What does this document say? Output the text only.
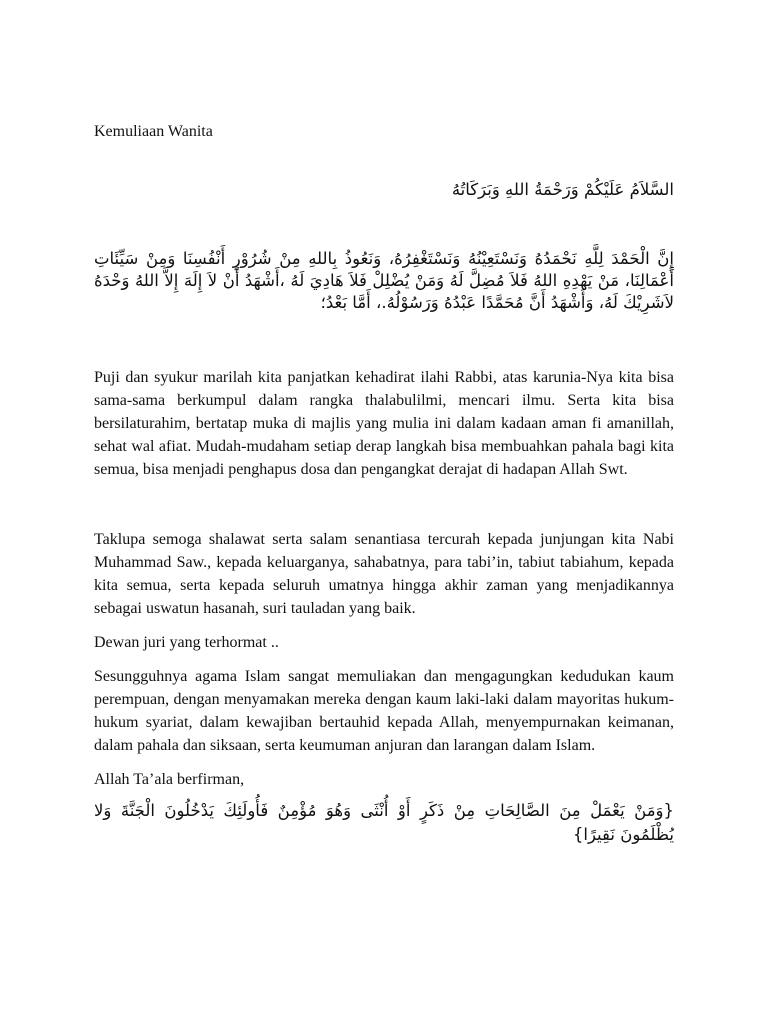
Kemuliaan Wanita

السَّلاَمُ عَلَيْكُمْ وَرَحْمَةُ اللهِ وَبَرَكَاتُهُ

إِنَّ الْحَمْدَ لِلَّهِ نَحْمَدُهُ وَنَسْتَعِيْنُهُ وَنَسْتَغْفِرُهُ، وَنَعُوذُ بِاللهِ مِنْ شُرُوْرِ أَنْفُسِنَا وَمِنْ سَيِّئَاتِ أَعْمَالِنَا، مَنْ يَهْدِهِ اللهُ فَلاَ مُضِلَّ لَهُ وَمَنْ يُضْلِلْ فَلاَ هَادِيَ لَهُ ،أَشْهَدُ أَنْ لاَ إِلَهَ إِلاَّ اللهُ وَحْدَهُ لاَشَرِيْكَ لَهُ، وَأَشْهَدُ أَنَّ مُحَمَّدًا عَبْدُهُ وَرَسُوْلُهُ.، أَمَّا بَعْدُ؛

Puji dan syukur marilah kita panjatkan kehadirat ilahi Rabbi, atas karunia-Nya kita bisa sama-sama berkumpul dalam rangka thalabulilmi, mencari ilmu. Serta kita bisa bersilaturahim, bertatap muka di majlis yang mulia ini dalam kadaan aman fi amanillah, sehat wal afiat. Mudah-mudaham setiap derap langkah bisa membuahkan pahala bagi kita semua, bisa menjadi penghapus dosa dan pengangkat derajat di hadapan Allah Swt.

Taklupa semoga shalawat serta salam senantiasa tercurah kepada junjungan kita Nabi Muhammad Saw., kepada keluarganya, sahabatnya, para tabi’in, tabiut tabiahum, kepada kita semua, serta kepada seluruh umatnya hingga akhir zaman yang menjadikannya sebagai uswatun hasanah, suri tauladan yang baik.

Dewan juri yang terhormat ..

Sesungguhnya agama Islam sangat memuliakan dan mengagungkan kedudukan kaum perempuan, dengan menyamakan mereka dengan kaum laki-laki dalam mayoritas hukum-hukum syariat, dalam kewajiban bertauhid kepada Allah, menyempurnakan keimanan, dalam pahala dan siksaan, serta keumuman anjuran dan larangan dalam Islam.

Allah Ta’ala berfirman,

{وَمَنْ يَعْمَلْ مِنَ الصَّالِحَاتِ مِنْ ذَكَرٍ أَوْ أُنْثَى وَهُوَ مُؤْمِنٌ فَأُولَئِكَ يَدْخُلُونَ الْجَنَّةَ وَلا يُظْلَمُونَ نَقِيرًا}
